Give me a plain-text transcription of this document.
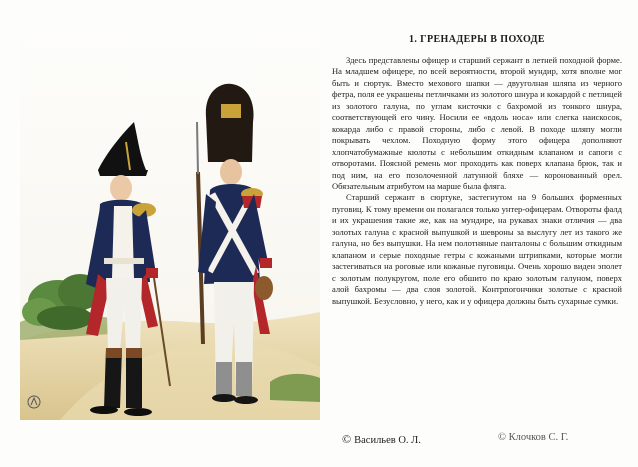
1. ГРЕНАДЕРЫ В ПОХОДЕ

Здесь представлены офицер и старший сержант в летней походной форме. На младшем офицере, по всей вероятности, второй мундир, хотя вполне мог быть и сюртук. Вместо мехового шапки — двууголная шляпа из черного фетра, поля ее украшены петличками из золотого шнура и кокардой с петлицей из золотого галуна, по углам кисточки с бахромой из тонкого шнура, соответствующей его чину. Носили ее «вдоль носа» или слегка наискосок, кокарда либо с правой стороны, либо с левой. В походе шляпу могли покрывать чехлом. Походную форму этого офицера дополняют хлопчатобумажные кюлоты с небольшим откидным клапаном и сапоги с отворотами. Поясной ремень мог проходить как поверх клапана брюк, так и под ним, на его позолоченной латунной бляхе — коронованный орел. Обязательным атрибутом на марше была фляга.

Старший сержант в сюртуке, застегнутом на 9 больших форменных пуговиц. К тому времени он полагался только унтер-офицерам. Отвороты фалд и их украшения такие же, как на мундире, на рукавах знаки отличия — два золотых галуна с красной выпушкой и шевроны за выслугу лет из такого же галуна, но без выпушки. На нем полотняные панталоны с большим откидным клапаном и серые походные гетры с кожаными штрипками, которые могли застегиваться на роговые или кожаные пуговицы. Очень хорошо виден эполет с золотым полукругом, поле его обшито по краю золотым галуном, поверх алой бахромы — два слоя золотой. Контрпогончики золотые с красной выпушкой. Безусловно, у него, как и у офицера должны быть сухарные сумки.

© Васильев О. Л.	© Клочков С. Г.
